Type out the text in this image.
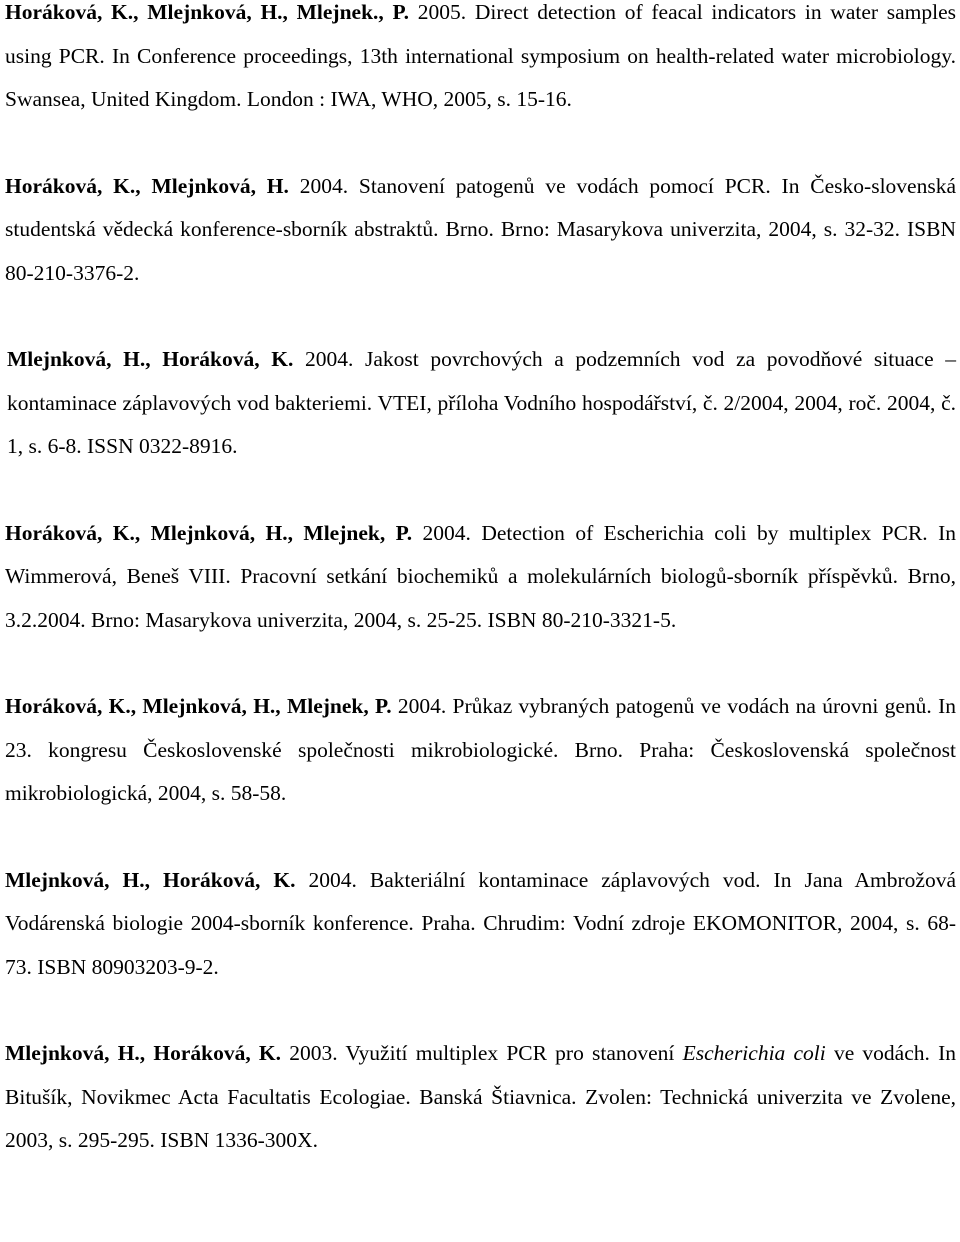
Horáková, K., Mlejnková, H., Mlejnek., P. 2005. Direct detection of feacal indicators in water samples using PCR. In Conference proceedings, 13th international symposium on health-related water microbiology. Swansea, United Kingdom. London : IWA, WHO, 2005, s. 15-16.

Horáková, K., Mlejnková, H. 2004. Stanovení patogenů ve vodách pomocí PCR. In Česko-slovenská studentská vědecká konference-sborník abstraktů. Brno. Brno: Masarykova univerzita, 2004, s. 32-32. ISBN 80-210-3376-2.

Mlejnková, H., Horáková, K. 2004. Jakost povrchových a podzemních vod za povodňové situace – kontaminace záplavových vod bakteriemi. VTEI, příloha Vodního hospodářství, č. 2/2004, 2004, roč. 2004, č. 1, s. 6-8. ISSN 0322-8916.

Horáková, K., Mlejnková, H., Mlejnek, P. 2004. Detection of Escherichia coli by multiplex PCR. In Wimmerová, Beneš VIII. Pracovní setkání biochemiků a molekulárních biologů-sborník příspěvků. Brno, 3.2.2004. Brno: Masarykova univerzita, 2004, s. 25-25. ISBN 80-210-3321-5.

Horáková, K., Mlejnková, H., Mlejnek, P. 2004. Průkaz vybraných patogenů ve vodách na úrovni genů. In 23. kongresu Československé společnosti mikrobiologické. Brno. Praha: Československá společnost mikrobiologická, 2004, s. 58-58.

Mlejnková, H., Horáková, K. 2004. Bakteriální kontaminace záplavových vod. In Jana Ambrožová Vodárenská biologie 2004-sborník konference. Praha. Chrudim: Vodní zdroje EKOMONITOR, 2004, s. 68-73. ISBN 80903203-9-2.

Mlejnková, H., Horáková, K. 2003. Využití multiplex PCR pro stanovení Escherichia coli ve vodách. In Bitušík, Novikmec Acta Facultatis Ecologiae. Banská Štiavnica. Zvolen: Technická univerzita ve Zvolene, 2003, s. 295-295. ISBN 1336-300X.
